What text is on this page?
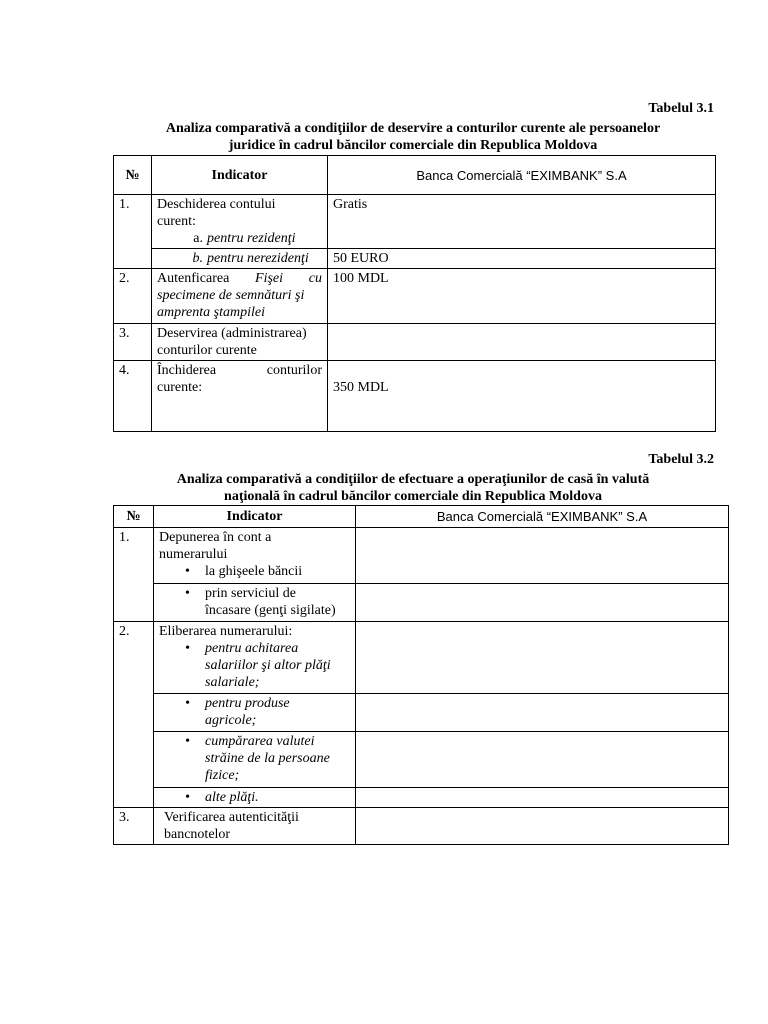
Tabelul 3.1
Analiza comparativă a condiţiilor de deservire a conturilor curente ale persoanelor
juridice în cadrul băncilor comerciale din Republica Moldova
№	Indicator	Banca Comercială “EXIMBANK” S.A
1.	Deschiderea contului
curent:
a. pentru rezidenţi	Gratis

	b. pentru nerezidenţi	50 EURO
2.	Autenficarea Fişei cu
specimene de semnături şi
amprenta ştampilei	100 MDL
3.	Deservirea (administrarea)
conturilor curente	

4.	Închiderea conturilor
curente:	350 MDL
Tabelul 3.2
Analiza comparativă a condiţiilor de efectuare a operaţiunilor de casă în valută
naţională în cadrul băncilor comerciale din Republica Moldova
№	Indicator	Banca Comercială “EXIMBANK” S.A
1.	Depunerea în cont a
numerarului
• la ghişeele băncii

	• prin serviciul de
încasare (genţi sigilate)

2.	Eliberarea numerarului:
• pentru achitarea
salariilor şi altor plăţi
salariale;

	• pentru produse
agricole;

	• cumpărarea valutei
străine de la persoane
fizice;

	• alte plăţi.

3.	Verificarea autenticităţii
bancnotelor	
